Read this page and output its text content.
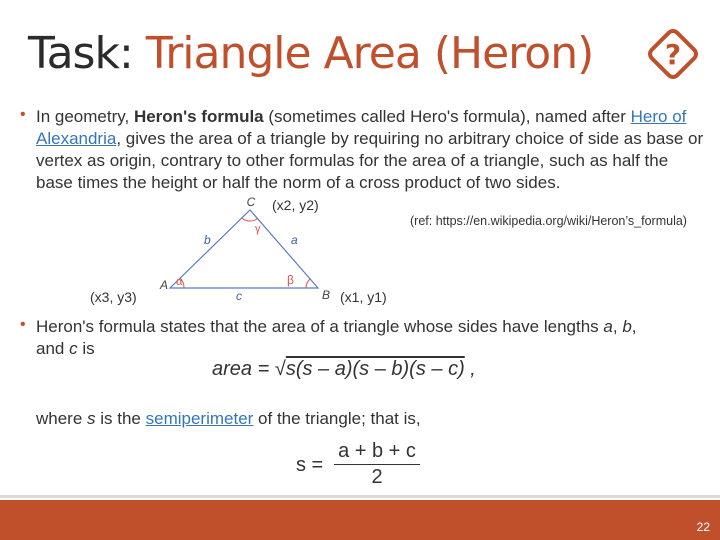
Task: Triangle Area (Heron)	?
• In geometry, Heron's formula (sometimes called Hero's formula), named after Hero of Alexandria, gives the area of a triangle by requiring no arbitrary choice of side as base or vertex as origin, contrary to other formulas for the area of a triangle, such as half the base times the height or half the norm of a cross product of two sides.
(ref: https://en.wikipedia.org/wiki/Heron’s_formula)
C
A
B
b	a
c
α	β
γ
(x2, y2)
(x3, y3)	(x1, y1)
• Heron's formula states that the area of a triangle whose sides have lengths a, b,
and c is
area = √s(s – a)(s – b)(s – c) ,
where s is the semiperimeter of the triangle; that is,
$s = \frac{a + b + c}{2}$
22
